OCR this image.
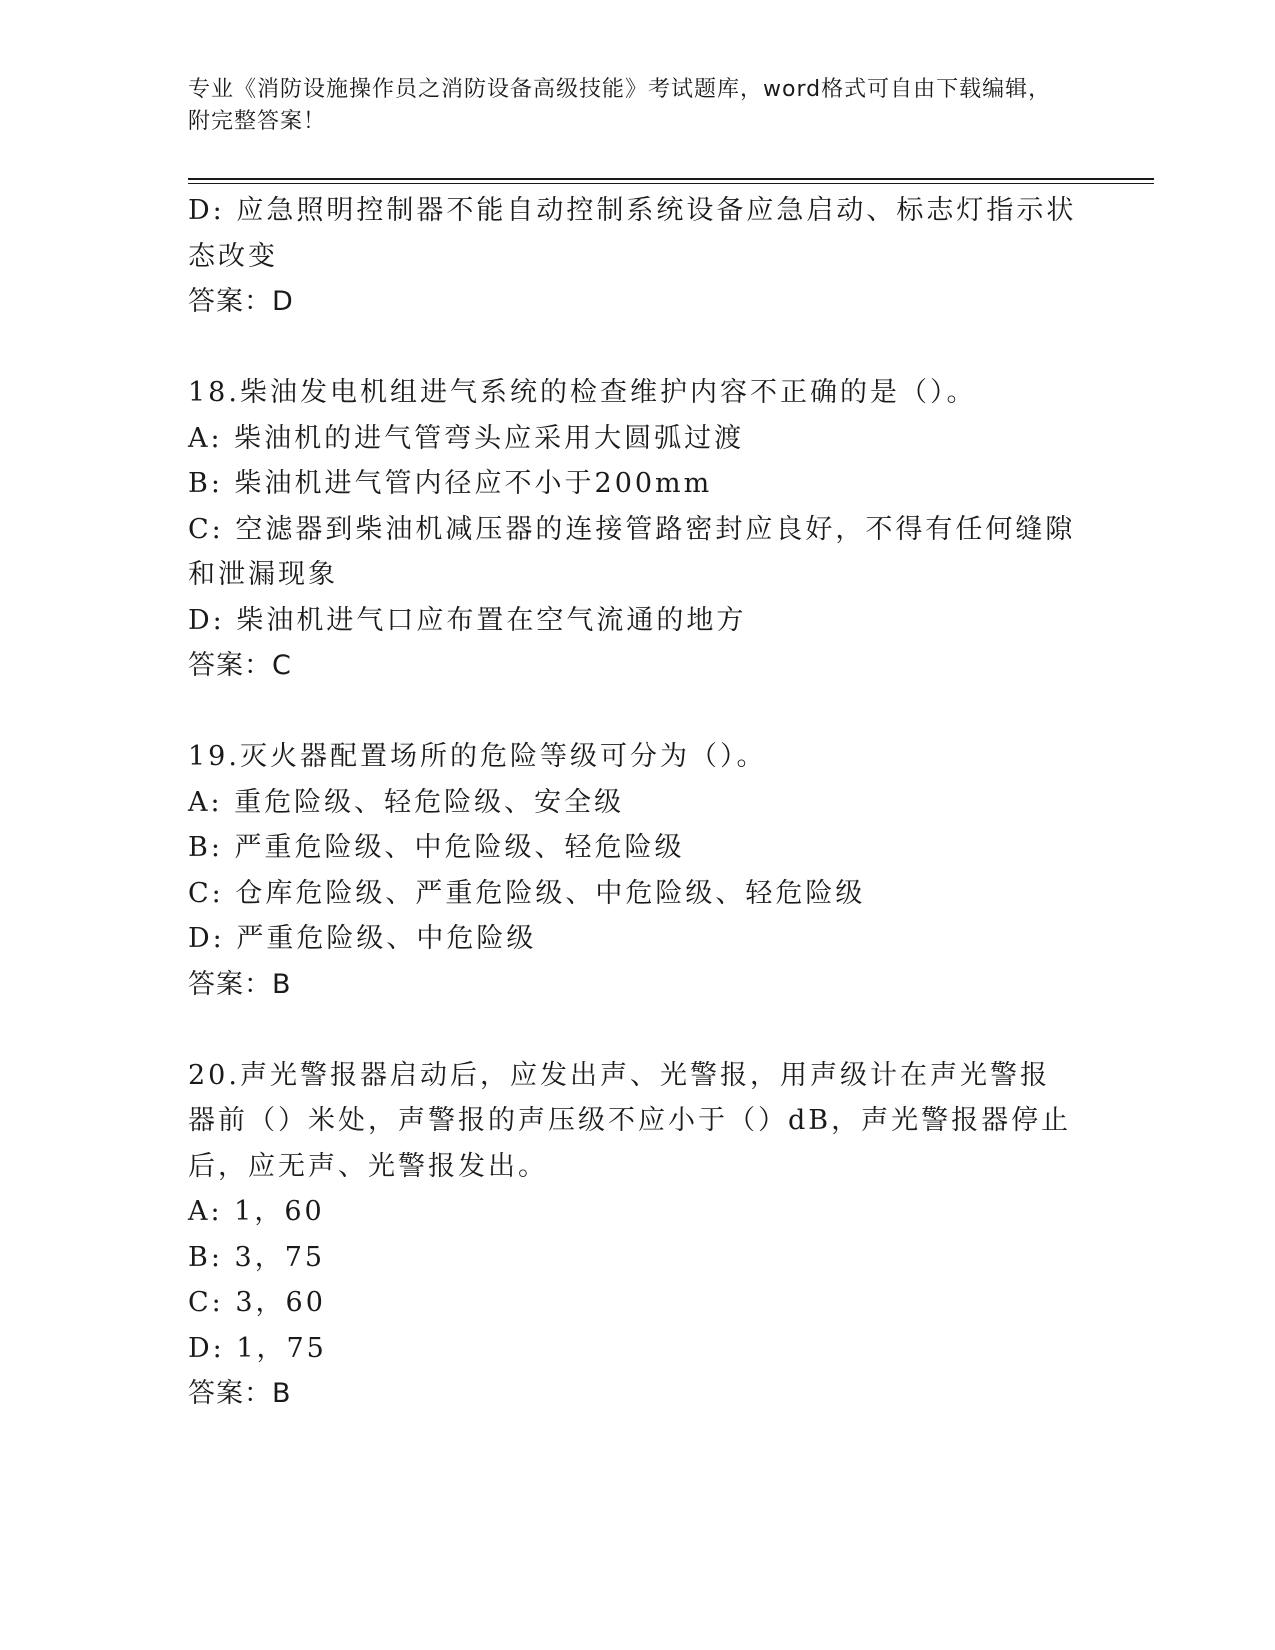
专业《消防设施操作员之消防设备高级技能》考试题库，word格式可自由下载编辑，附完整答案！

D: 应急照明控制器不能自动控制系统设备应急启动、标志灯指示状态改变

答案：D

18.柴油发电机组进气系统的检查维护内容不正确的是（）。

A: 柴油机的进气管弯头应采用大圆弧过渡

B: 柴油机进气管内径应不小于200mm

C: 空滤器到柴油机减压器的连接管路密封应良好，不得有任何缝隙和泄漏现象

D: 柴油机进气口应布置在空气流通的地方

答案：C

19.灭火器配置场所的危险等级可分为（）。

A: 重危险级、轻危险级、安全级

B: 严重危险级、中危险级、轻危险级

C: 仓库危险级、严重危险级、中危险级、轻危险级

D: 严重危险级、中危险级

答案：B

20.声光警报器启动后，应发出声、光警报，用声级计在声光警报器前（）米处，声警报的声压级不应小于（）dB，声光警报器停止后，应无声、光警报发出。

A: 1，60

B: 3，75

C: 3，60

D: 1，75

答案：B
